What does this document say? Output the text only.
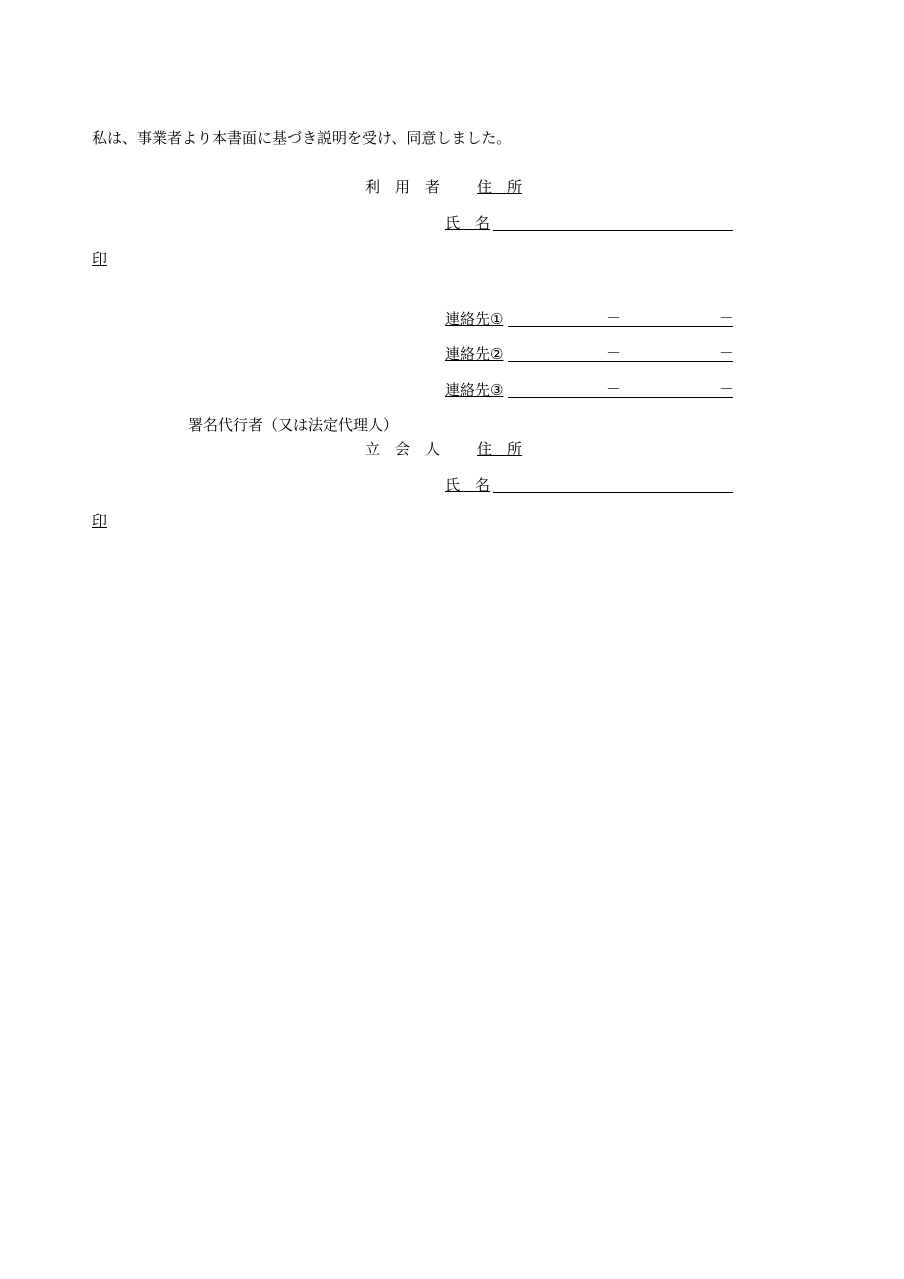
私は、事業者より本書面に基づき説明を受け、同意しました。
利　用　者 住　所
氏　名
印
連絡先①	－	－
連絡先②	－	－
連絡先③	－	－
署名代行者（又は法定代理人）
立　会　人 住　所
氏　名
印
